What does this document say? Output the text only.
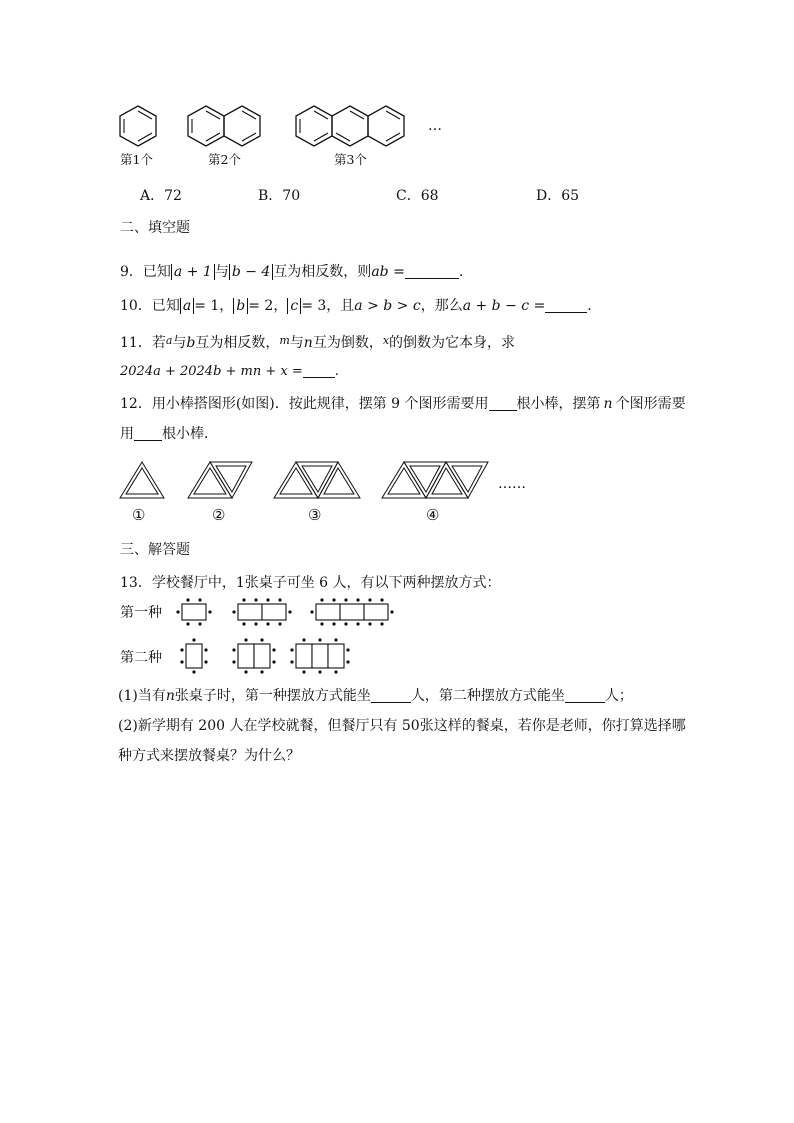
…
第1个	第2个	第3个
A．72	B．70	C．68	D．65
二、填空题
9．已知 a + 1 与 b − 4 互为相反数，则ab =	.
10．已知 a = 1， b = 2， c = 3，且a > b > c，那么a + b − c =	.
11．若$^a$与b互为相反数，$^m$与n互为倒数，$^x$的倒数为它本身，求
2024a + 2024b + mn + x = .
12．用小棒搭图形(如图)．按此规律，摆第 9 个图形需要用 根小棒，摆第 n 个图形需要
用 根小棒．
……
①	②	③	④
三、解答题
13．学校餐厅中，1张桌子可坐 6 人，有以下两种摆放方式：
第一种
第二种
(1)当有n张桌子时，第一种摆放方式能坐	人，第二种摆放方式能坐	人；
(2)新学期有 200 人在学校就餐，但餐厅只有 50张这样的餐桌，若你是老师，你打算选择哪
种方式来摆放餐桌？为什么？
